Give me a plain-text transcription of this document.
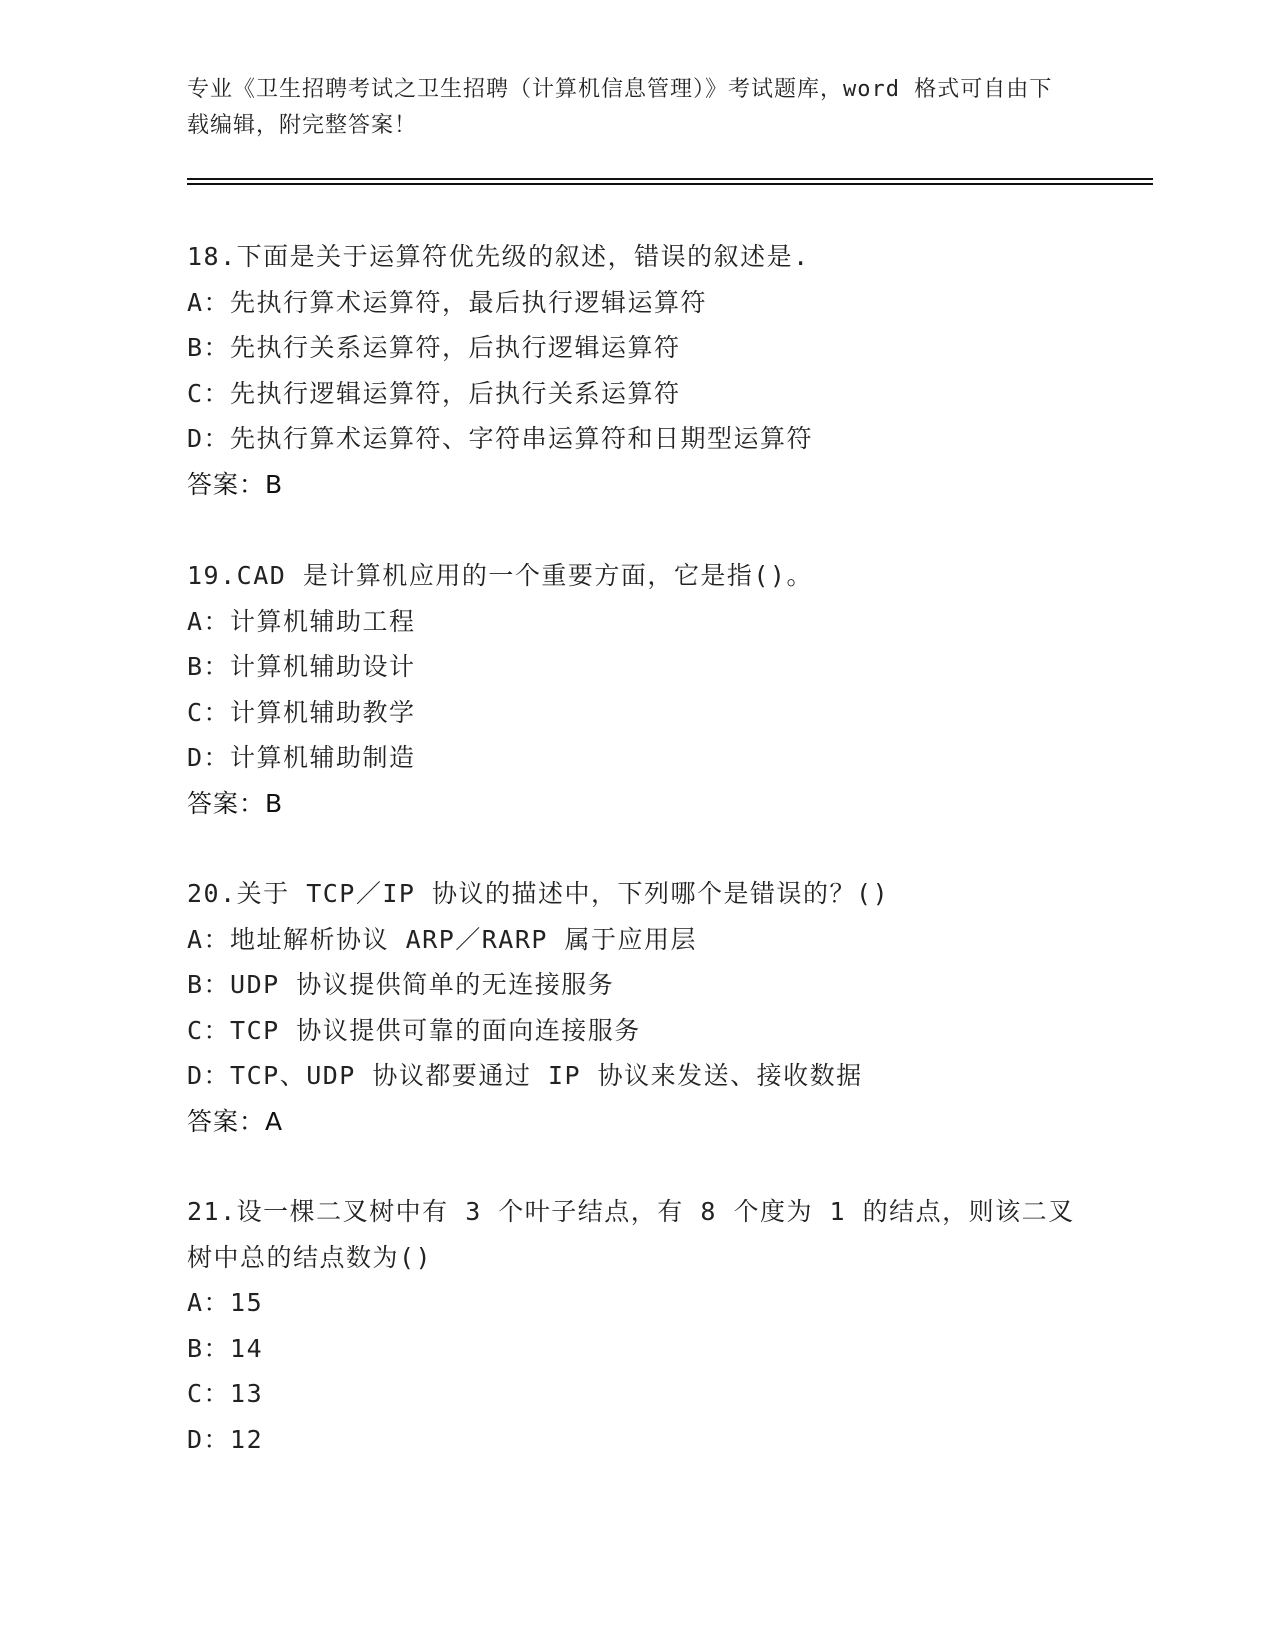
专业《卫生招聘考试之卫生招聘（计算机信息管理）》考试题库，word 格式可自由下载编辑，附完整答案！
18.下面是关于运算符优先级的叙述，错误的叙述是.
A：先执行算术运算符，最后执行逻辑运算符
B：先执行关系运算符，后执行逻辑运算符
C：先执行逻辑运算符，后执行关系运算符
D：先执行算术运算符、字符串运算符和日期型运算符
答案：B
19.CAD 是计算机应用的一个重要方面，它是指()。
A：计算机辅助工程
B：计算机辅助设计
C：计算机辅助教学
D：计算机辅助制造
答案：B
20.关于 TCP／IP 协议的描述中，下列哪个是错误的？()
A：地址解析协议 ARP／RARP 属于应用层
B：UDP 协议提供简单的无连接服务
C：TCP 协议提供可靠的面向连接服务
D：TCP、UDP 协议都要通过 IP 协议来发送、接收数据
答案：A
21.设一棵二叉树中有 3 个叶子结点，有 8 个度为 1 的结点，则该二叉树中总的结点数为()
A：15
B：14
C：13
D：12
